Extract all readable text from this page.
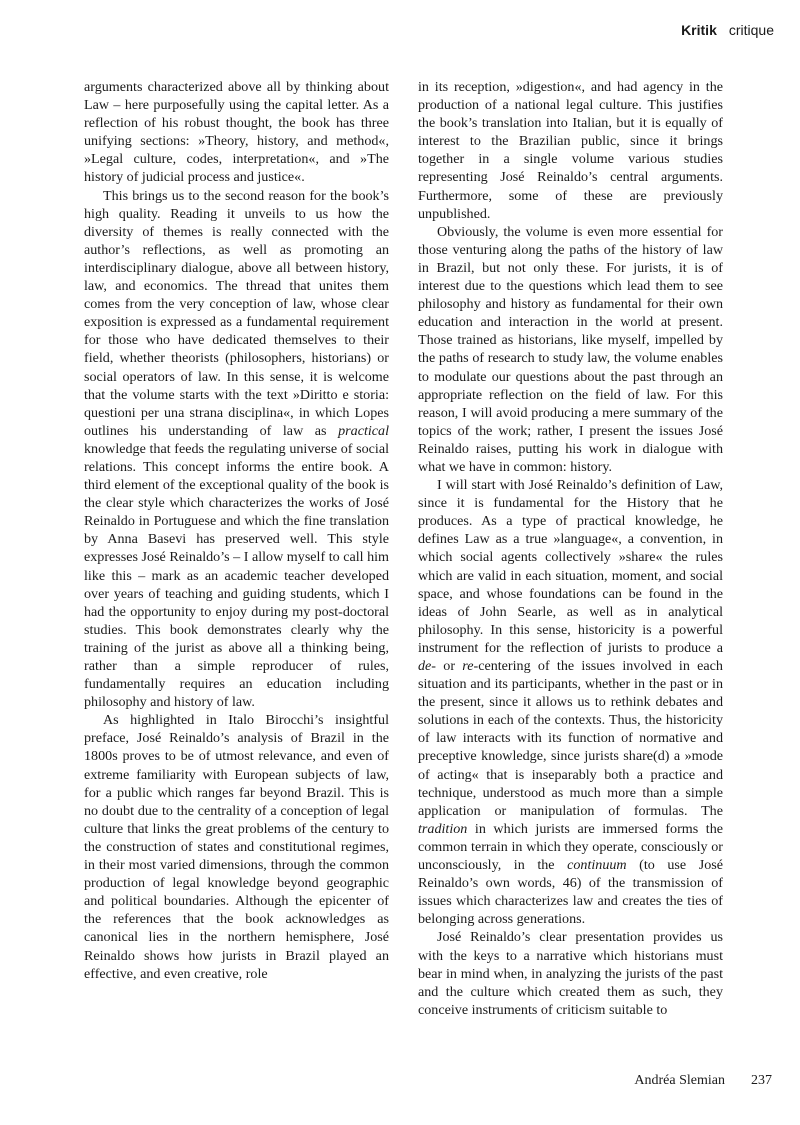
Kritik critique

arguments characterized above all by thinking about Law – here purposefully using the capital letter. As a reflection of his robust thought, the book has three unifying sections: »Theory, history, and method«, »Legal culture, codes, interpretation«, and »The history of judicial process and justice«.

This brings us to the second reason for the book’s high quality. Reading it unveils to us how the diversity of themes is really connected with the author’s reflections, as well as promoting an interdisciplinary dialogue, above all between history, law, and economics. The thread that unites them comes from the very conception of law, whose clear exposition is expressed as a fundamental requirement for those who have dedicated themselves to their field, whether theorists (philosophers, historians) or social operators of law. In this sense, it is welcome that the volume starts with the text »Diritto e storia: questioni per una strana disciplina«, in which Lopes outlines his understanding of law as practical knowledge that feeds the regulating universe of social relations. This concept informs the entire book. A third element of the exceptional quality of the book is the clear style which characterizes the works of José Reinaldo in Portuguese and which the fine translation by Anna Basevi has preserved well. This style expresses José Reinaldo’s – I allow myself to call him like this – mark as an academic teacher developed over years of teaching and guiding students, which I had the opportunity to enjoy during my post-doctoral studies. This book demonstrates clearly why the training of the jurist as above all a thinking being, rather than a simple reproducer of rules, fundamentally requires an education including philosophy and history of law.

As highlighted in Italo Birocchi’s insightful preface, José Reinaldo’s analysis of Brazil in the 1800s proves to be of utmost relevance, and even of extreme familiarity with European subjects of law, for a public which ranges far beyond Brazil. This is no doubt due to the centrality of a conception of legal culture that links the great problems of the century to the construction of states and constitutional regimes, in their most varied dimensions, through the common production of legal knowledge beyond geographic and political boundaries. Although the epicenter of the references that the book acknowledges as canonical lies in the northern hemisphere, José Reinaldo shows how jurists in Brazil played an effective, and even creative, role

in its reception, »digestion«, and had agency in the production of a national legal culture. This justifies the book’s translation into Italian, but it is equally of interest to the Brazilian public, since it brings together in a single volume various studies representing José Reinaldo’s central arguments. Furthermore, some of these are previously unpublished.

Obviously, the volume is even more essential for those venturing along the paths of the history of law in Brazil, but not only these. For jurists, it is of interest due to the questions which lead them to see philosophy and history as fundamental for their own education and interaction in the world at present. Those trained as historians, like myself, impelled by the paths of research to study law, the volume enables to modulate our questions about the past through an appropriate reflection on the field of law. For this reason, I will avoid producing a mere summary of the topics of the work; rather, I present the issues José Reinaldo raises, putting his work in dialogue with what we have in common: history.

I will start with José Reinaldo’s definition of Law, since it is fundamental for the History that he produces. As a type of practical knowledge, he defines Law as a true »language«, a convention, in which social agents collectively »share« the rules which are valid in each situation, moment, and social space, and whose foundations can be found in the ideas of John Searle, as well as in analytical philosophy. In this sense, historicity is a powerful instrument for the reflection of jurists to produce a de- or re-centering of the issues involved in each situation and its participants, whether in the past or in the present, since it allows us to rethink debates and solutions in each of the contexts. Thus, the historicity of law interacts with its function of normative and preceptive knowledge, since jurists share(d) a »mode of acting« that is inseparably both a practice and technique, understood as much more than a simple application or manipulation of formulas. The tradition in which jurists are immersed forms the common terrain in which they operate, consciously or unconsciously, in the continuum (to use José Reinaldo’s own words, 46) of the transmission of issues which characterizes law and creates the ties of belonging across generations.

José Reinaldo’s clear presentation provides us with the keys to a narrative which historians must bear in mind when, in analyzing the jurists of the past and the culture which created them as such, they conceive instruments of criticism suitable to

Andréa Slemian 237
